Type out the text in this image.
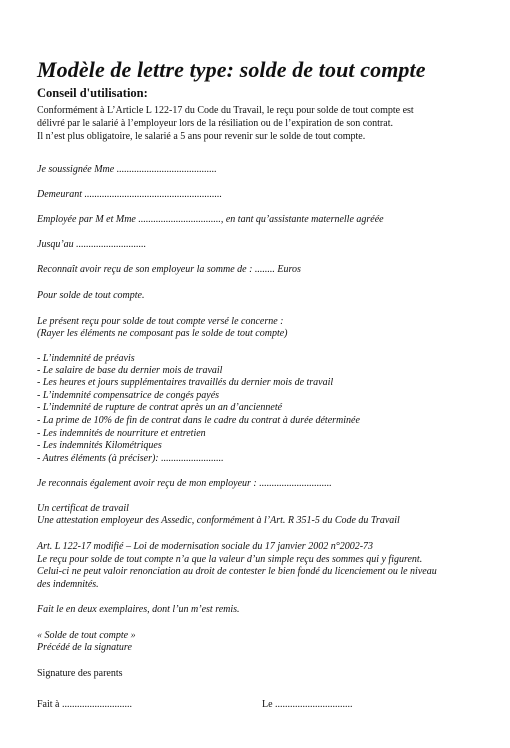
Modèle de lettre type: solde de tout compte
Conseil d'utilisation:
Conformément à L’Article L 122-17 du Code du Travail, le reçu pour solde de tout compte est
délivré par le salarié à l’employeur lors de la résiliation ou de l’expiration de son contrat.
Il n’est plus obligatoire, le salarié a 5 ans pour revenir sur le solde de tout compte.
Je soussignée Mme ........................................
Demeurant .......................................................
Employée par M et Mme ................................., en tant qu’assistante maternelle agréée
Jusqu’au ............................
Reconnaît avoir reçu de son employeur la somme de : ........ Euros
Pour solde de tout compte.
Le présent reçu pour solde de tout compte versé le concerne :
(Rayer les éléments ne composant pas le solde de tout compte)
- L’indemnité de préavis
- Le salaire de base du dernier mois de travail
- Les heures et jours supplémentaires travaillés du dernier mois de travail
- L’indemnité compensatrice de congés payés
- L’indemnité de rupture de contrat après un an d’ancienneté
- La prime de 10% de fin de contrat dans le cadre du contrat à durée déterminée
- Les indemnités de nourriture et entretien
- Les indemnités Kilométriques
- Autres éléments (à préciser): .........................
Je reconnais également avoir reçu de mon employeur : .............................
Un certificat de travail
Une attestation employeur des Assedic, conformément à l’Art. R 351-5 du Code du Travail
Art. L 122-17 modifié – Loi de modernisation sociale du 17 janvier 2002 n°2002-73
Le reçu pour solde de tout compte n’a que la valeur d’un simple reçu des sommes qui y figurent.
Celui-ci ne peut valoir renonciation au droit de contester le bien fondé du licenciement ou le niveau
des indemnités.
Fait le en deux exemplaires, dont l’un m’est remis.
« Solde de tout compte »
Précédé de la signature
Signature des parents
Fait à ............................	Le ...............................
